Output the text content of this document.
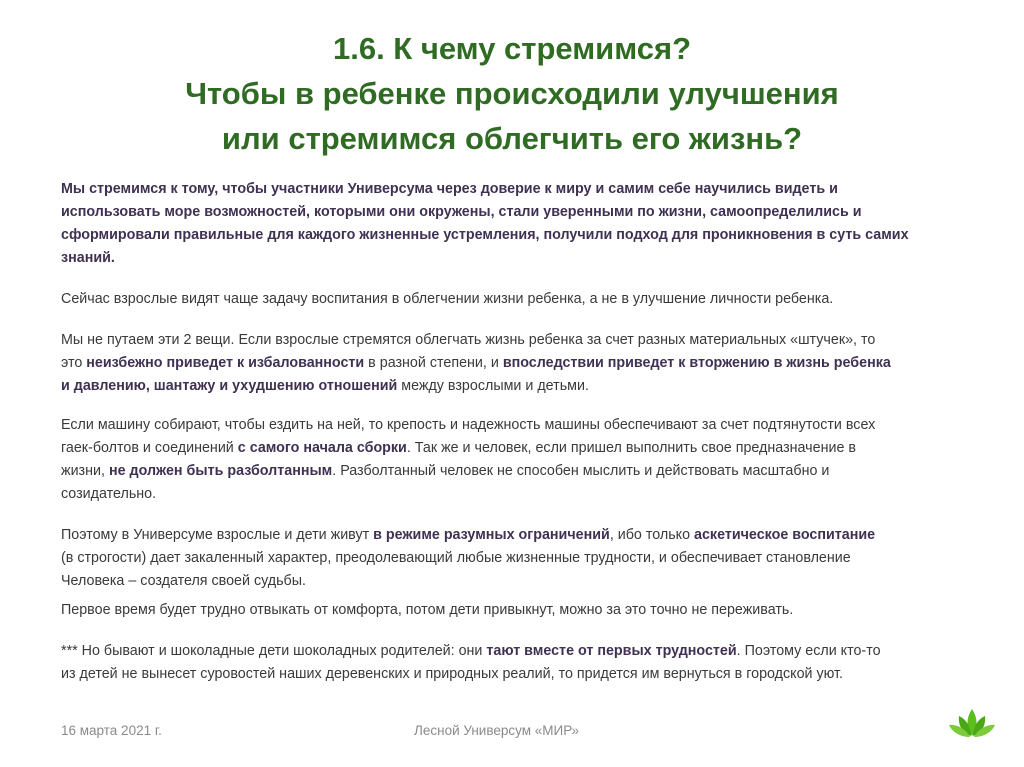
1.6. К чему стремимся?
Чтобы в ребенке происходили улучшения
или стремимся облегчить его жизнь?

Мы стремимся к тому, чтобы участники Универсума через доверие к миру и самим себе научились видеть и
использовать море возможностей, которыми они окружены, стали уверенными по жизни, самоопределились и
сформировали правильные для каждого жизненные устремления, получили подход для проникновения в суть самих
знаний.

Сейчас взрослые видят чаще задачу воспитания в облегчении жизни ребенка, а не в улучшение личности ребенка.

Мы не путаем эти 2 вещи. Если взрослые стремятся облегчать жизнь ребенка за счет разных материальных «штучек», то
это неизбежно приведет к избалованности в разной степени, и впоследствии приведет к вторжению в жизнь ребенка
и давлению, шантажу и ухудшению отношений между взрослыми и детьми.

Если машину собирают, чтобы ездить на ней, то крепость и надежность машины обеспечивают за счет подтянутости всех
гаек-болтов и соединений с самого начала сборки. Так же и человек, если пришел выполнить свое предназначение в
жизни, не должен быть разболтанным. Разболтанный человек не способен мыслить и действовать масштабно и
созидательно.

Поэтому в Универсуме взрослые и дети живут в режиме разумных ограничений, ибо только аскетическое воспитание
(в строгости) дает закаленный характер, преодолевающий любые жизненные трудности, и обеспечивает становление
Человека – создателя своей судьбы.

Первое время будет трудно отвыкать от комфорта, потом дети привыкнут, можно за это точно не переживать.

*** Но бывают и шоколадные дети шоколадных родителей: они тают вместе от первых трудностей. Поэтому если кто-то
из детей не вынесет суровостей наших деревенских и природных реалий, то придется им вернуться в городской уют.

16 марта 2021 г.	Лесной Универсум «МИР»
